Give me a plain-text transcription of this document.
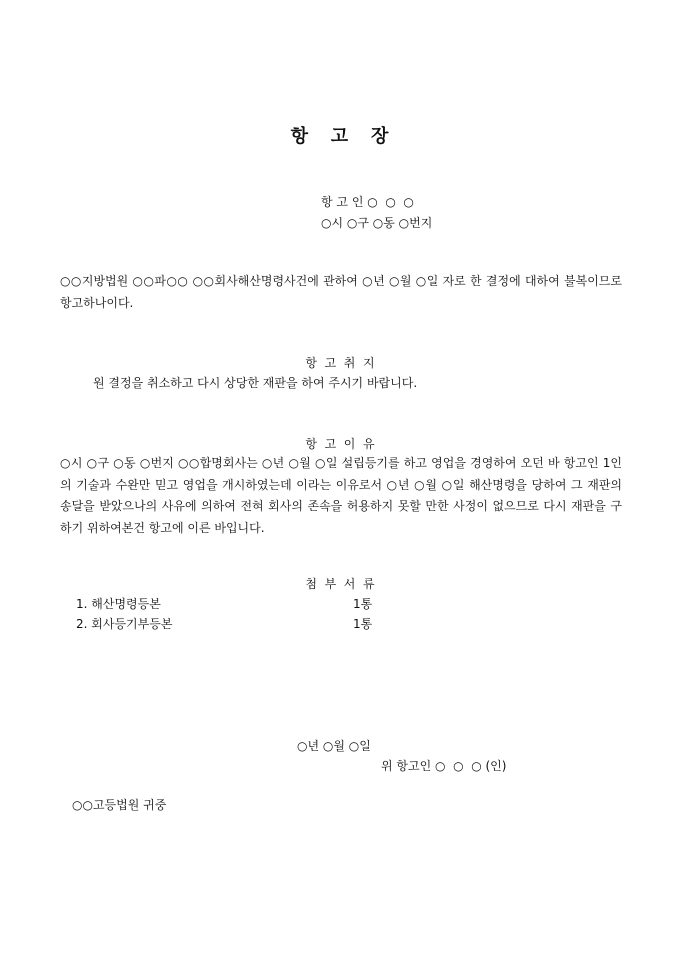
항   고   장
항 고 인 ○  ○  ○
○시 ○구 ○동 ○번지
○○지방법원 ○○파○○ ○○회사해산명령사건에 관하여 ○년 ○월 ○일 자로 한 결정에 대하여 불복이므로 항고하나이다.
항  고  취  지
원 결정을 취소하고 다시 상당한 재판을 하여 주시기 바랍니다.
항  고  이  유
○시 ○구 ○동 ○번지 ○○합명회사는 ○년 ○월 ○일 설립등기를 하고 영업을 경영하여 오던 바 항고인 1인의 기술과 수완만 믿고 영업을 개시하였는데 이라는 이유로서 ○년 ○월 ○일 해산명령을 당하여 그 재판의 송달을 받았으나의 사유에 의하여 전혀 회사의 존속을 허용하지 못할 만한 사정이 없으므로 다시 재판을 구하기 위하여본건 항고에 이른 바입니다.
첨  부  서  류
1. 해산명령등본	1통
2. 회사등기부등본	1통
○년 ○월 ○일
위 항고인 ○  ○  ○ (인)
○○고등법원 귀중
